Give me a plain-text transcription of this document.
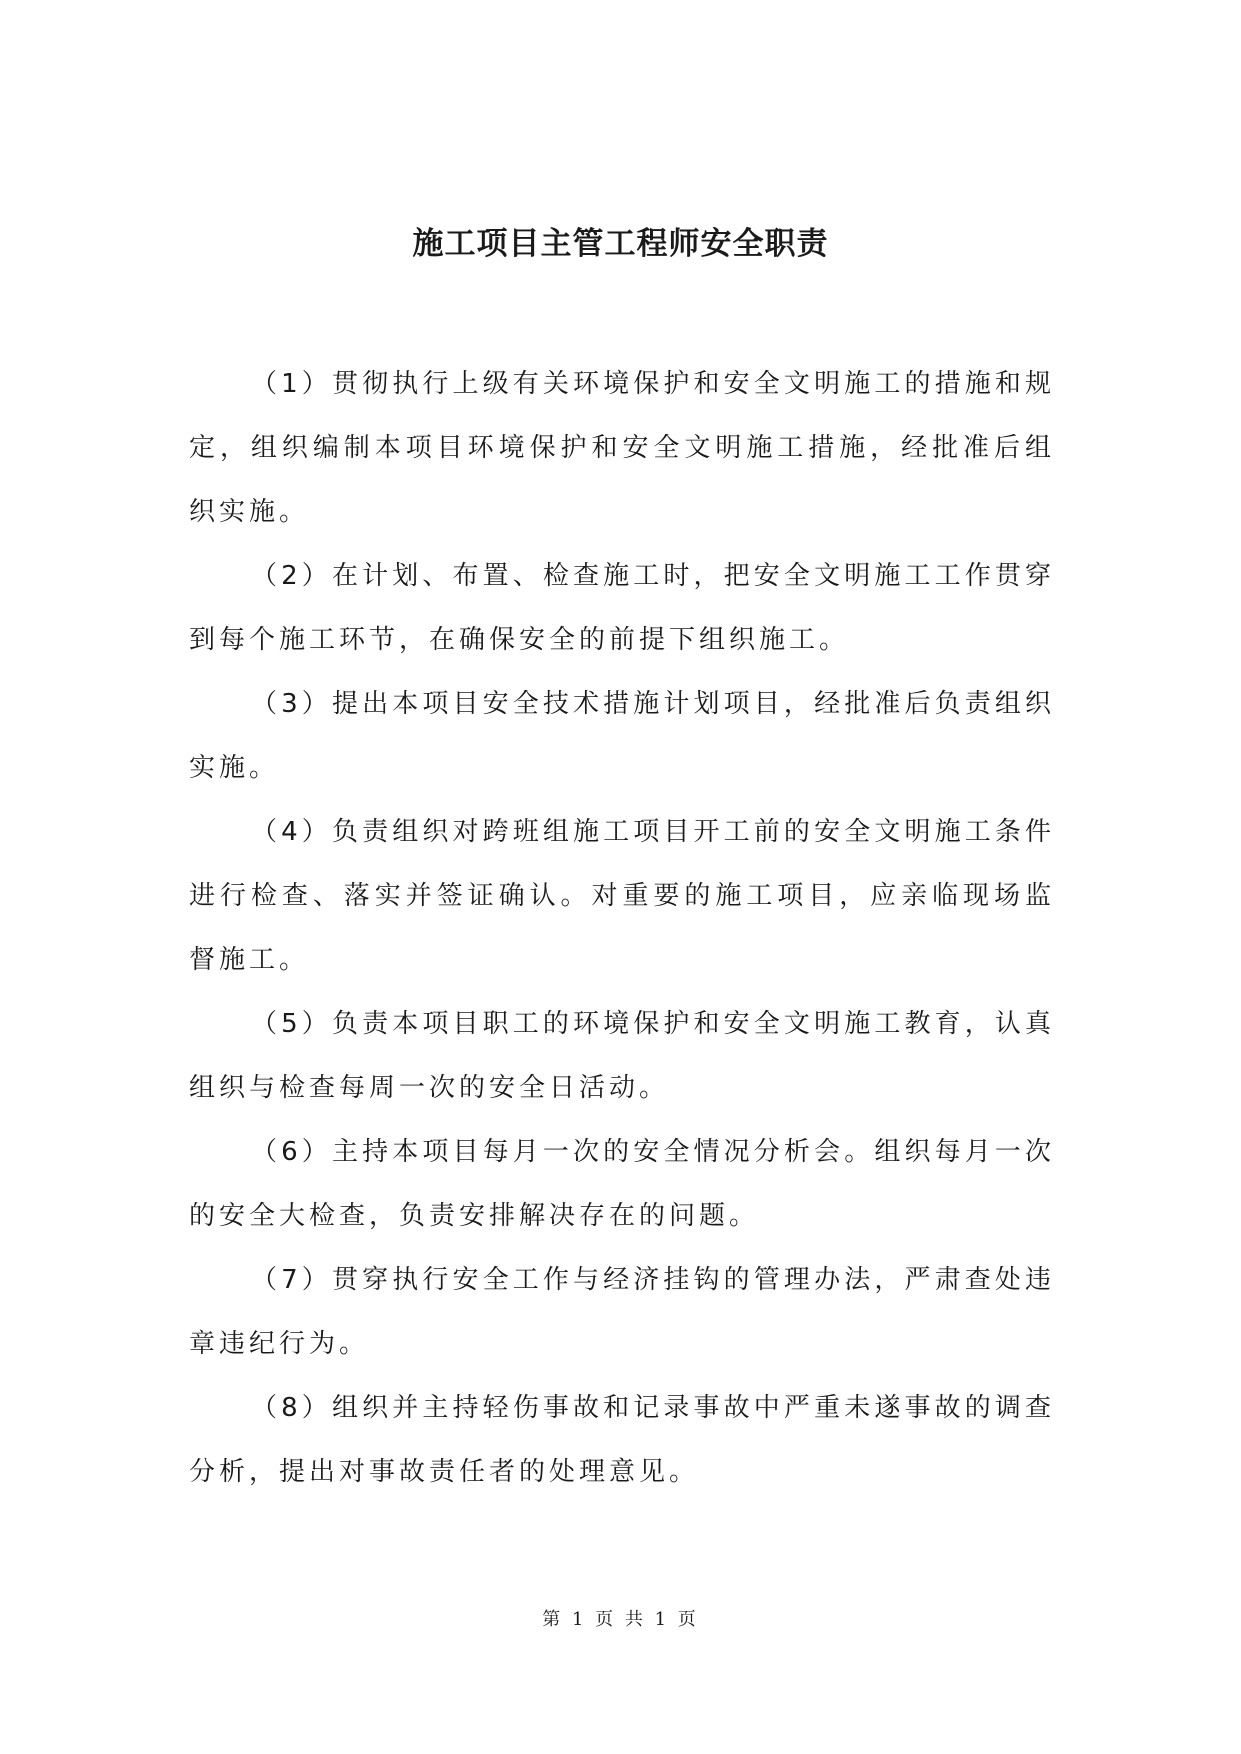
施工项目主管工程师安全职责

（1）贯彻执行上级有关环境保护和安全文明施工的措施和规定，组织编制本项目环境保护和安全文明施工措施，经批准后组织实施。

（2）在计划、布置、检查施工时，把安全文明施工工作贯穿到每个施工环节，在确保安全的前提下组织施工。

（3）提出本项目安全技术措施计划项目，经批准后负责组织实施。

（4）负责组织对跨班组施工项目开工前的安全文明施工条件进行检查、落实并签证确认。对重要的施工项目，应亲临现场监督施工。

（5）负责本项目职工的环境保护和安全文明施工教育，认真组织与检查每周一次的安全日活动。

（6）主持本项目每月一次的安全情况分析会。组织每月一次的安全大检查，负责安排解决存在的问题。

（7）贯穿执行安全工作与经济挂钩的管理办法，严肃查处违章违纪行为。

（8）组织并主持轻伤事故和记录事故中严重未遂事故的调查分析，提出对事故责任者的处理意见。

第 1 页 共 1 页
